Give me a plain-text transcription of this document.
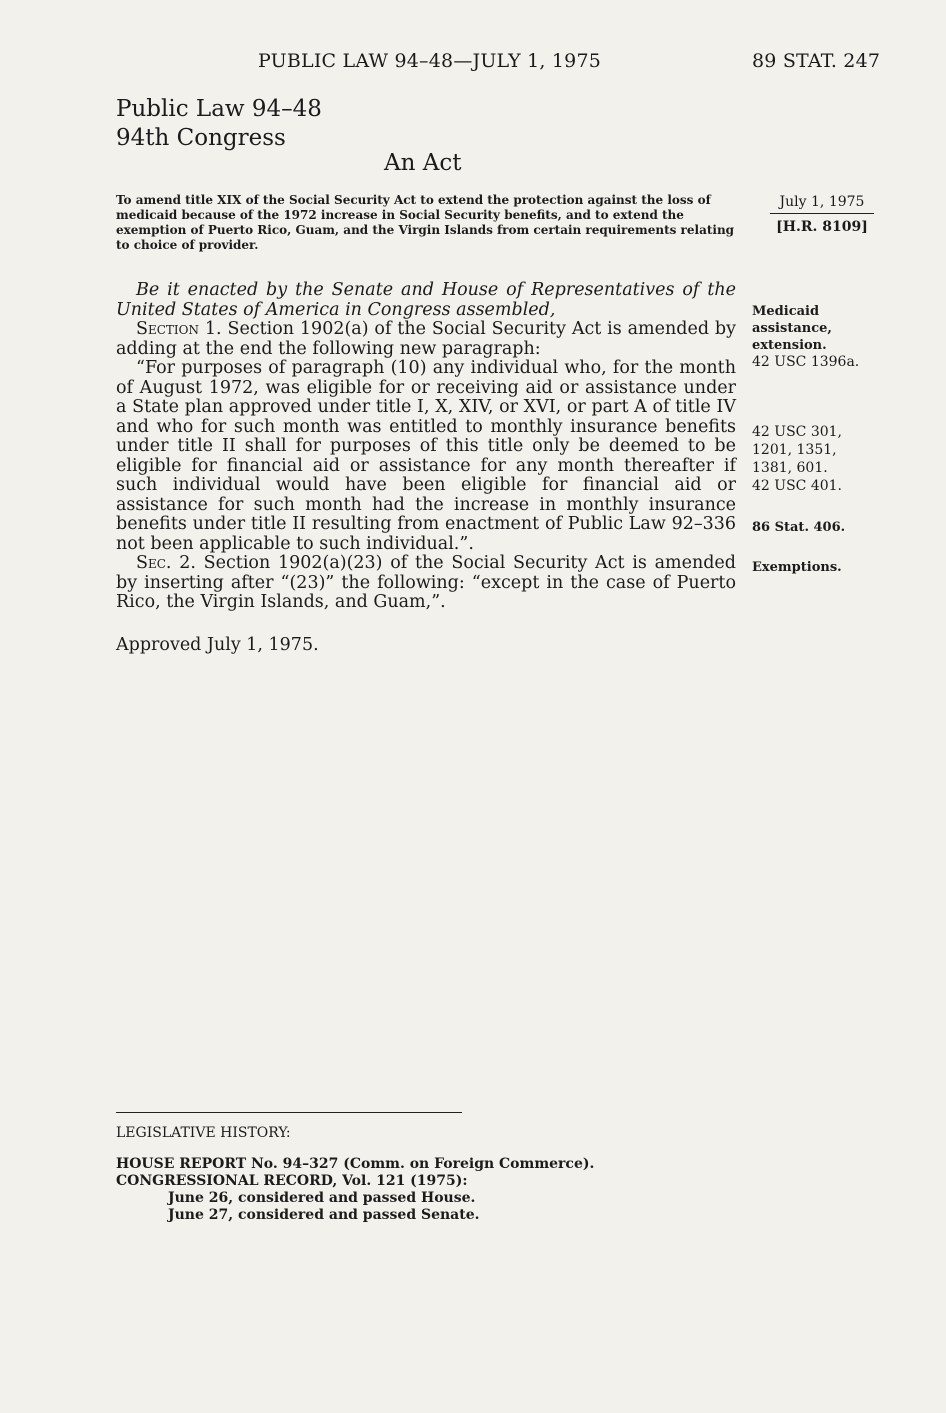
PUBLIC LAW 94–48—JULY 1, 1975	89 STAT. 247
Public Law 94–48
94th Congress
An Act
To amend title XIX of the Social Security Act to extend the protection against the loss of medicaid because of the 1972 increase in Social Security benefits, and to extend the exemption of Puerto Rico, Guam, and the Virgin Islands from certain requirements relating to choice of provider.
July 1, 1975
[H.R. 8109]

Be it enacted by the Senate and House of Representatives of the United States of America in Congress assembled,

Section 1. Section 1902(a) of the Social Security Act is amended by adding at the end the following new paragraph:

“For purposes of paragraph (10) any individual who, for the month of August 1972, was eligible for or receiving aid or assistance under a State plan approved under title I, X, XIV, or XVI, or part A of title IV and who for such month was entitled to monthly insurance benefits under title II shall for purposes of this title only be deemed to be eligible for financial aid or assistance for any month thereafter if such individual would have been eligible for financial aid or assistance for such month had the increase in monthly insurance benefits under title II resulting from enactment of Public Law 92–336 not been applicable to such individual.”.

Sec. 2. Section 1902(a)(23) of the Social Security Act is amended by inserting after “(23)” the following: “except in the case of Puerto Rico, the Virgin Islands, and Guam,”.

Medicaid
assistance,
extension.
42 USC 1396a.
42 USC 301,
1201, 1351,
1381, 601.
42 USC 401.
86 Stat. 406.
Exemptions.
Approved July 1, 1975.
LEGISLATIVE HISTORY:
HOUSE REPORT No. 94–327 (Comm. on Foreign Commerce).
CONGRESSIONAL RECORD, Vol. 121 (1975):
June 26, considered and passed House.
June 27, considered and passed Senate.
